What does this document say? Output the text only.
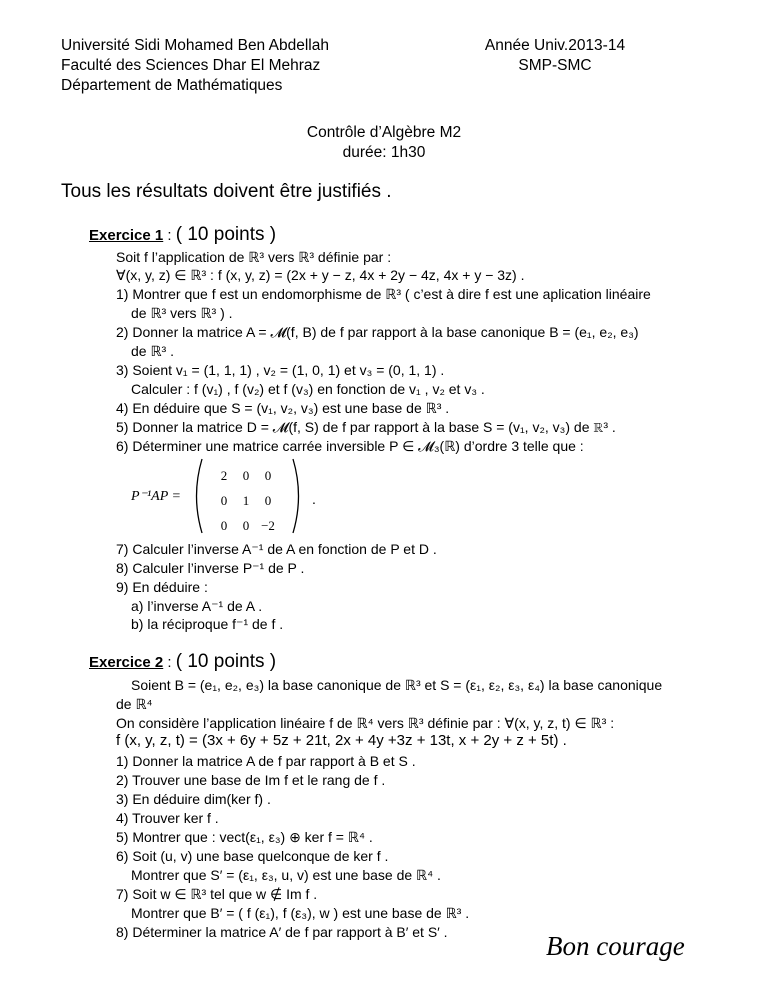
Université Sidi Mohamed Ben Abdellah
Faculté des Sciences Dhar El Mehraz
Département de Mathématiques
Année Univ.2013-14
SMP-SMC
Contrôle d’Algèbre M2
durée: 1h30
Tous les résultats doivent être justifiés .
Exercice 1 : ( 10 points )
Soit f l’application de ℝ³ vers ℝ³ définie par :
∀(x, y, z) ∈ ℝ³ : f (x, y, z) = (2x + y − z, 4x + 2y − 4z, 4x + y − 3z) .
1) Montrer que f est un endomorphisme de ℝ³ ( c’est à dire f est une aplication linéaire
de ℝ³ vers ℝ³ ) .
2) Donner la matrice A = 𝓜(f, B) de f par rapport à la base canonique B = (e₁, e₂, e₃)
de ℝ³ .
3) Soient v₁ = (1, 1, 1) , v₂ = (1, 0, 1) et v₃ = (0, 1, 1) .
Calculer : f (v₁) , f (v₂) et f (v₃) en fonction de v₁ , v₂ et v₃ .
4) En déduire que S = (v₁, v₂, v₃) est une base de ℝ³ .
5) Donner la matrice D = 𝓜(f, S) de f par rapport à la base S = (v₁, v₂, v₃) de ℝ³ .
6) Déterminer une matrice carrée inversible P ∈ 𝓜₃(ℝ) d’ordre 3 telle que :
P⁻¹AP =
2	0	0
0	1	0
0	0 −2
.
7) Calculer l’inverse A⁻¹ de A en fonction de P et D .
8) Calculer l’inverse P⁻¹ de P .
9) En déduire :
a) l’inverse A⁻¹ de A .
b) la réciproque f⁻¹ de f .
Exercice 2 : ( 10 points )
Soient B = (e₁, e₂, e₃) la base canonique de ℝ³ et S = (ε₁, ε₂, ε₃, ε₄) la base canonique
de ℝ⁴
On considère l’application linéaire f de ℝ⁴ vers ℝ³ définie par : ∀(x, y, z, t) ∈ ℝ³ :
f (x, y, z, t) = (3x + 6y + 5z + 21t, 2x + 4y +3z + 13t, x + 2y + z + 5t) .
1) Donner la matrice A de f par rapport à B et S .
2) Trouver une base de Im f et le rang de f .
3) En déduire dim(ker f) .
4) Trouver ker f .
5) Montrer que : vect(ε₁, ε₃) ⊕ ker f = ℝ⁴ .
6) Soit (u, v) une base quelconque de ker f .
Montrer que S′ = (ε₁, ε₃, u, v) est une base de ℝ⁴ .
7) Soit w ∈ ℝ³ tel que w ∉ Im f .
Montrer que B′ = ( f (ε₁), f (ε₃), w ) est une base de ℝ³ .
8) Déterminer la matrice A′ de f par rapport à B′ et S′ .	Bon courage
